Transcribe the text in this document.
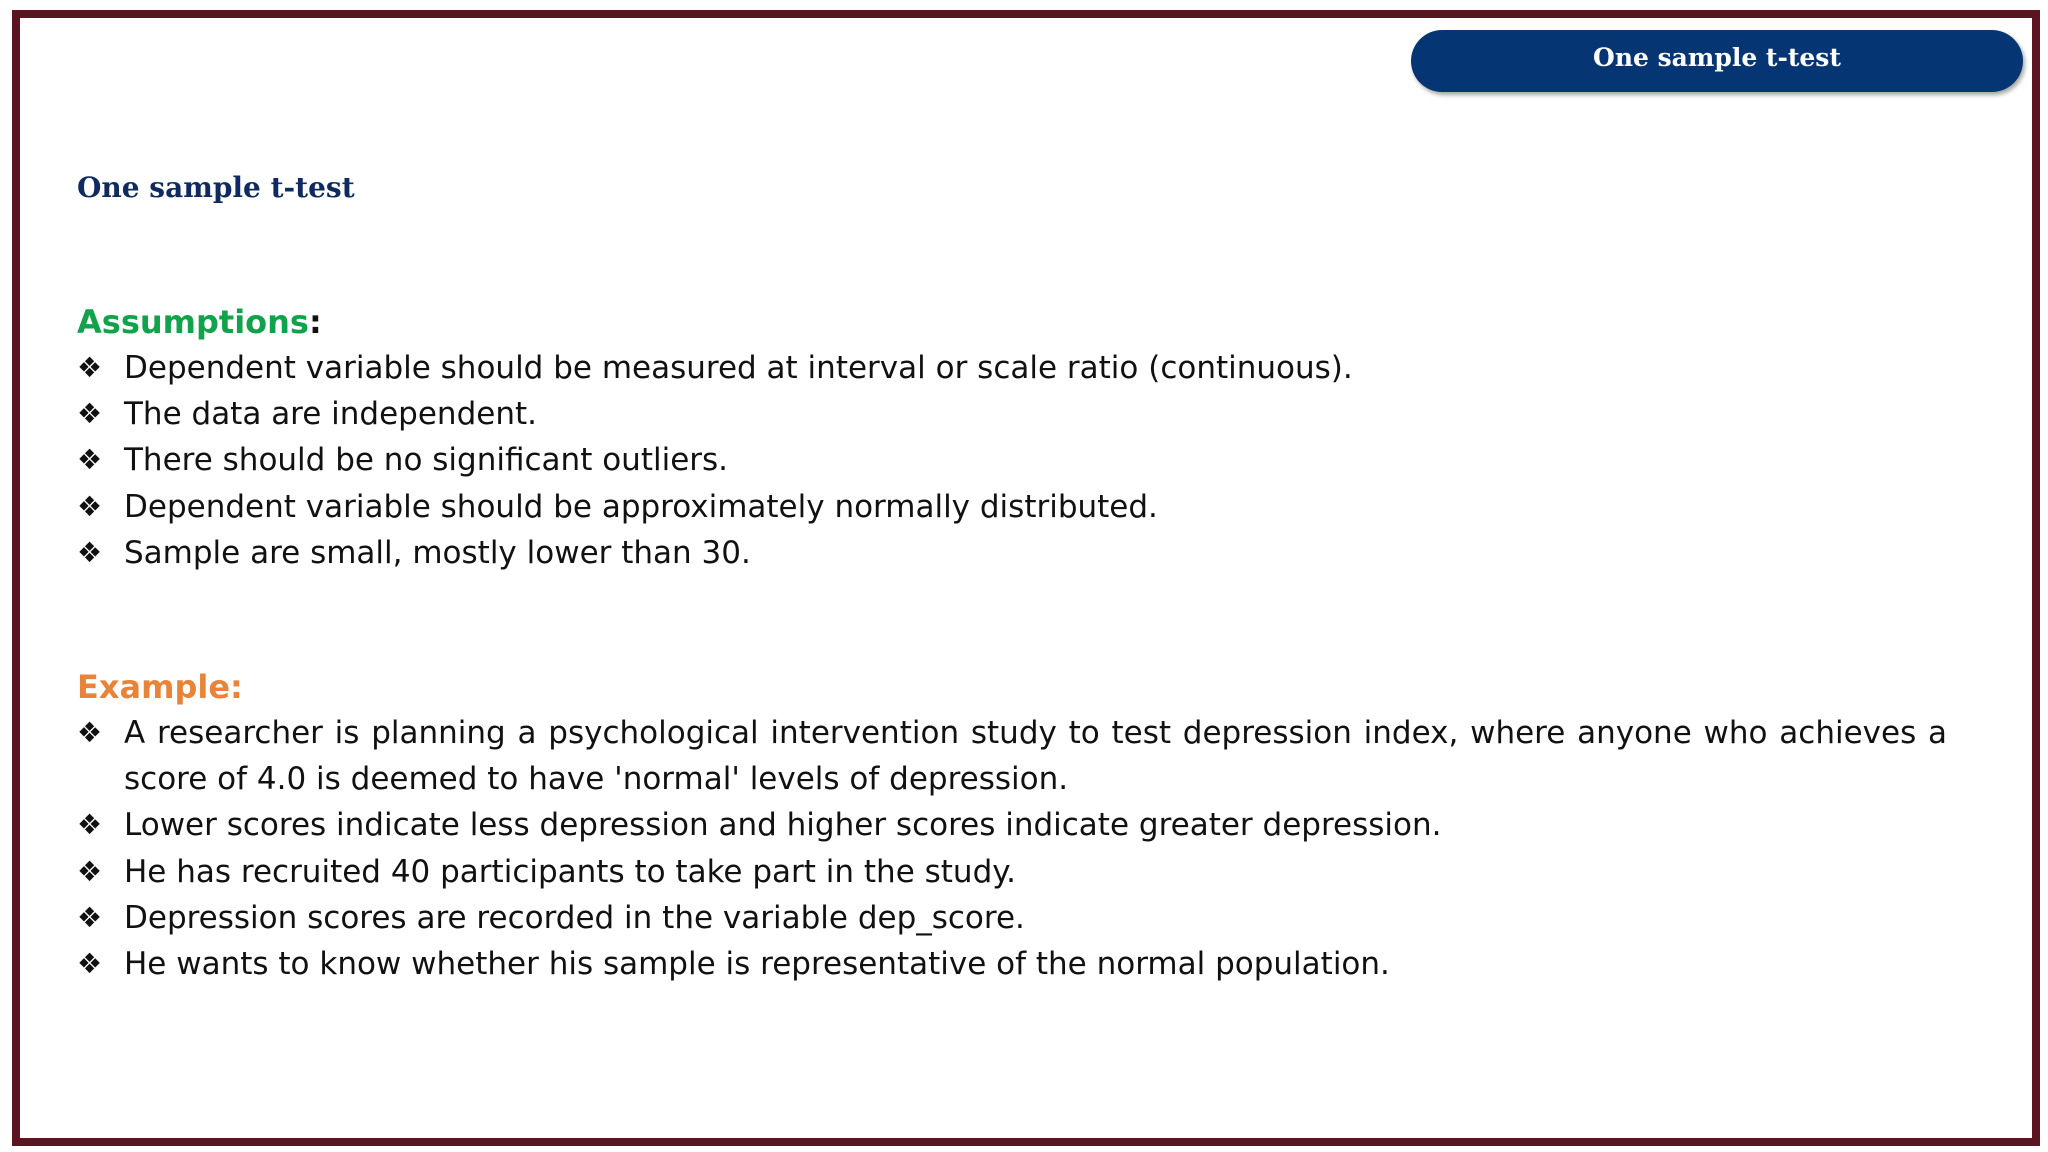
One sample t-test
One sample t-test
Assumptions:
❖ Dependent variable should be measured at interval or scale ratio (continuous).
❖ The data are independent.
❖ There should be no significant outliers.
❖ Dependent variable should be approximately normally distributed.
❖ Sample are small, mostly lower than 30.
Example:
❖ A researcher is planning a psychological intervention study to test depression index, where anyone who achieves a score of 4.0 is deemed to have 'normal' levels of depression.
❖ Lower scores indicate less depression and higher scores indicate greater depression.
❖ He has recruited 40 participants to take part in the study.
❖ Depression scores are recorded in the variable dep_score.
❖ He wants to know whether his sample is representative of the normal population.
